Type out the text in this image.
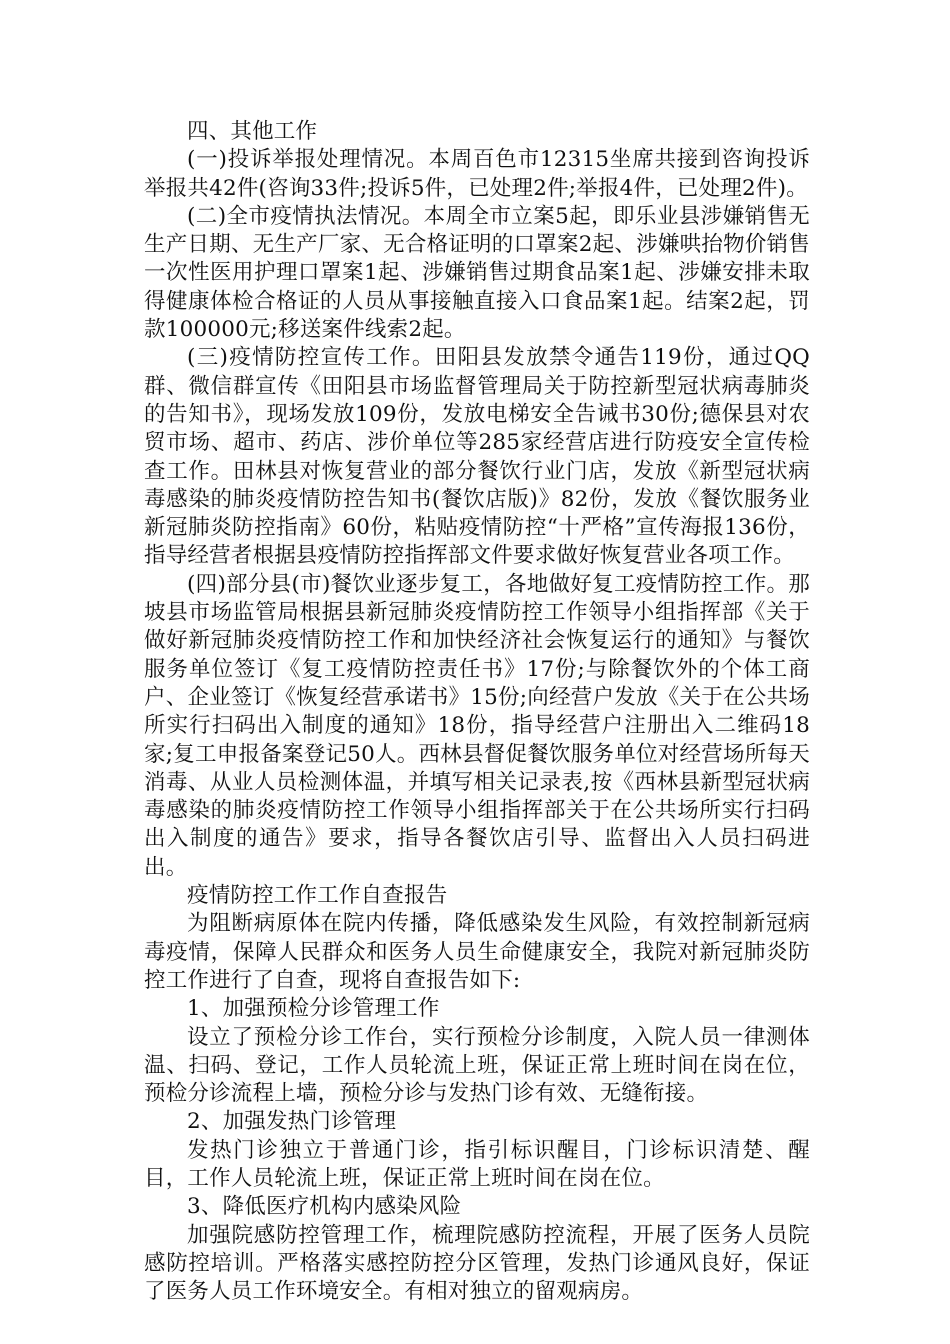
四、其他工作

(一)投诉举报处理情况。本周百色市12315坐席共接到咨询投诉举报共42件(咨询33件;投诉5件，已处理2件;举报4件，已处理2件)。

(二)全市疫情执法情况。本周全市立案5起，即乐业县涉嫌销售无生产日期、无生产厂家、无合格证明的口罩案2起、涉嫌哄抬物价销售一次性医用护理口罩案1起、涉嫌销售过期食品案1起、涉嫌安排未取得健康体检合格证的人员从事接触直接入口食品案1起。结案2起，罚款100000元;移送案件线索2起。

(三)疫情防控宣传工作。田阳县发放禁令通告119份，通过QQ群、微信群宣传《田阳县市场监督管理局关于防控新型冠状病毒肺炎的告知书》，现场发放109份，发放电梯安全告诫书30份;德保县对农贸市场、超市、药店、涉价单位等285家经营店进行防疫安全宣传检查工作。田林县对恢复营业的部分餐饮行业门店，发放《新型冠状病毒感染的肺炎疫情防控告知书(餐饮店版)》82份，发放《餐饮服务业新冠肺炎防控指南》60份，粘贴疫情防控“十严格”宣传海报136份，指导经营者根据县疫情防控指挥部文件要求做好恢复营业各项工作。

(四)部分县(市)餐饮业逐步复工，各地做好复工疫情防控工作。那坡县市场监管局根据县新冠肺炎疫情防控工作领导小组指挥部《关于做好新冠肺炎疫情防控工作和加快经济社会恢复运行的通知》与餐饮服务单位签订《复工疫情防控责任书》17份;与除餐饮外的个体工商户、企业签订《恢复经营承诺书》15份;向经营户发放《关于在公共场所实行扫码出入制度的通知》18份，指导经营户注册出入二维码18家;复工申报备案登记50人。西林县督促餐饮服务单位对经营场所每天消毒、从业人员检测体温，并填写相关记录表,按《西林县新型冠状病毒感染的肺炎疫情防控工作领导小组指挥部关于在公共场所实行扫码出入制度的通告》要求，指导各餐饮店引导、监督出入人员扫码进出。

疫情防控工作工作自查报告

为阻断病原体在院内传播，降低感染发生风险，有效控制新冠病毒疫情，保障人民群众和医务人员生命健康安全，我院对新冠肺炎防控工作进行了自查，现将自查报告如下:

1、加强预检分诊管理工作

设立了预检分诊工作台，实行预检分诊制度，入院人员一律测体温、扫码、登记，工作人员轮流上班，保证正常上班时间在岗在位，预检分诊流程上墙，预检分诊与发热门诊有效、无缝衔接。

2、加强发热门诊管理

发热门诊独立于普通门诊，指引标识醒目，门诊标识清楚、醒目，工作人员轮流上班，保证正常上班时间在岗在位。

3、降低医疗机构内感染风险

加强院感防控管理工作，梳理院感防控流程，开展了医务人员院感防控培训。严格落实感控防控分区管理，发热门诊通风良好，保证了医务人员工作环境安全。有相对独立的留观病房。
